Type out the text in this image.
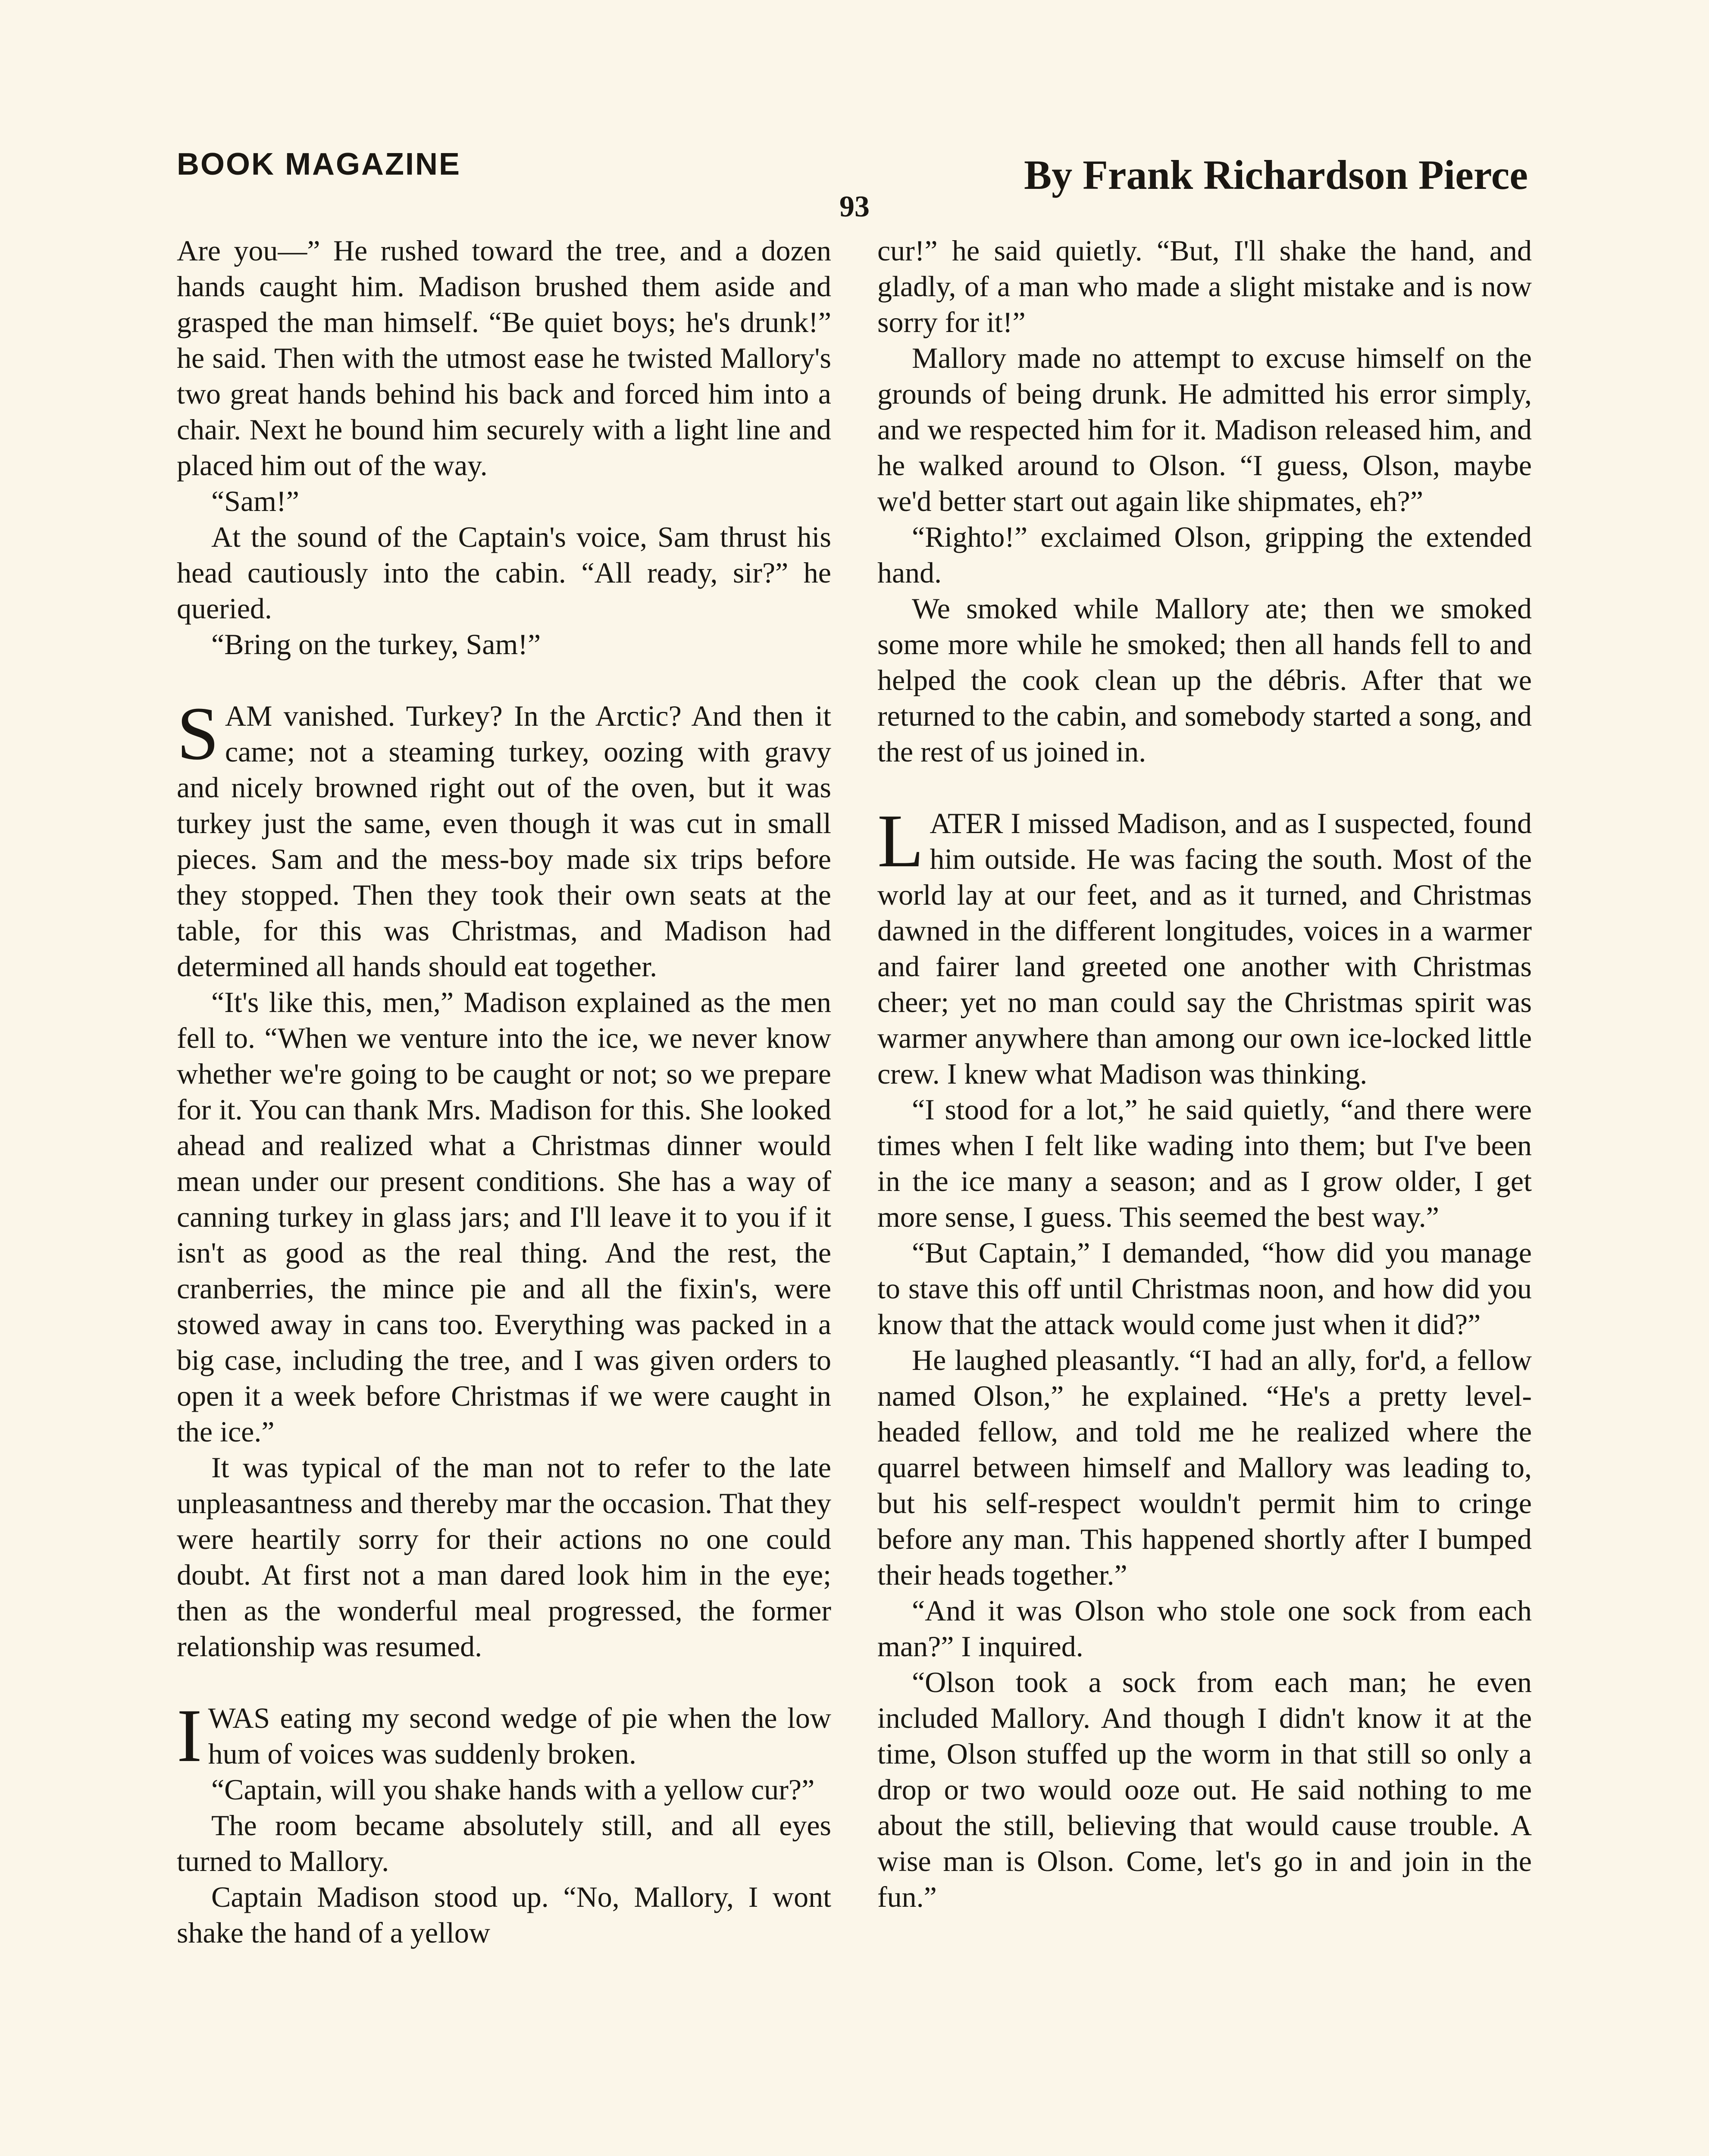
BOOK MAGAZINE	By Frank Richardson Pierce
93

Are you—” He rushed toward the tree, and a dozen hands caught him. Madison brushed them aside and grasped the man himself. “Be quiet boys; he's drunk!” he said. Then with the utmost ease he twisted Mallory's two great hands behind his back and forced him into a chair. Next he bound him securely with a light line and placed him out of the way.

“Sam!”

At the sound of the Captain's voice, Sam thrust his head cautiously into the cabin. “All ready, sir?” he queried.

“Bring on the turkey, Sam!”

SAM vanished. Turkey? In the Arctic? And then it came; not a steaming turkey, oozing with gravy and nicely browned right out of the oven, but it was turkey just the same, even though it was cut in small pieces. Sam and the mess-boy made six trips before they stopped. Then they took their own seats at the table, for this was Christmas, and Madison had determined all hands should eat together.

“It's like this, men,” Madison explained as the men fell to. “When we venture into the ice, we never know whether we're going to be caught or not; so we prepare for it. You can thank Mrs. Madison for this. She looked ahead and realized what a Christmas dinner would mean under our present conditions. She has a way of canning turkey in glass jars; and I'll leave it to you if it isn't as good as the real thing. And the rest, the cranberries, the mince pie and all the fixin's, were stowed away in cans too. Everything was packed in a big case, including the tree, and I was given orders to open it a week before Christmas if we were caught in the ice.”

It was typical of the man not to refer to the late unpleasantness and thereby mar the occasion. That they were heartily sorry for their actions no one could doubt. At first not a man dared look him in the eye; then as the wonderful meal progressed, the former relationship was resumed.

IWAS eating my second wedge of pie when the low hum of voices was suddenly broken.

“Captain, will you shake hands with a yellow cur?”

The room became absolutely still, and all eyes turned to Mallory.

Captain Madison stood up. “No, Mallory, I wont shake the hand of a yellow

cur!” he said quietly. “But, I'll shake the hand, and gladly, of a man who made a slight mistake and is now sorry for it!”

Mallory made no attempt to excuse himself on the grounds of being drunk. He admitted his error simply, and we respected him for it. Madison released him, and he walked around to Olson. “I guess, Olson, maybe we'd better start out again like shipmates, eh?”

“Righto!” exclaimed Olson, gripping the extended hand.

We smoked while Mallory ate; then we smoked some more while he smoked; then all hands fell to and helped the cook clean up the débris. After that we returned to the cabin, and somebody started a song, and the rest of us joined in.

LATER I missed Madison, and as I suspected, found him outside. He was facing the south. Most of the world lay at our feet, and as it turned, and Christmas dawned in the different longitudes, voices in a warmer and fairer land greeted one another with Christmas cheer; yet no man could say the Christmas spirit was warmer anywhere than among our own ice-locked little crew. I knew what Madison was thinking.

“I stood for a lot,” he said quietly, “and there were times when I felt like wading into them; but I've been in the ice many a season; and as I grow older, I get more sense, I guess. This seemed the best way.”

“But Captain,” I demanded, “how did you manage to stave this off until Christmas noon, and how did you know that the attack would come just when it did?”

He laughed pleasantly. “I had an ally, for'd, a fellow named Olson,” he explained. “He's a pretty level-headed fellow, and told me he realized where the quarrel between himself and Mallory was leading to, but his self-respect wouldn't permit him to cringe before any man. This happened shortly after I bumped their heads together.”

“And it was Olson who stole one sock from each man?” I inquired.

“Olson took a sock from each man; he even included Mallory. And though I didn't know it at the time, Olson stuffed up the worm in that still so only a drop or two would ooze out. He said nothing to me about the still, believing that would cause trouble. A wise man is Olson. Come, let's go in and join in the fun.”
